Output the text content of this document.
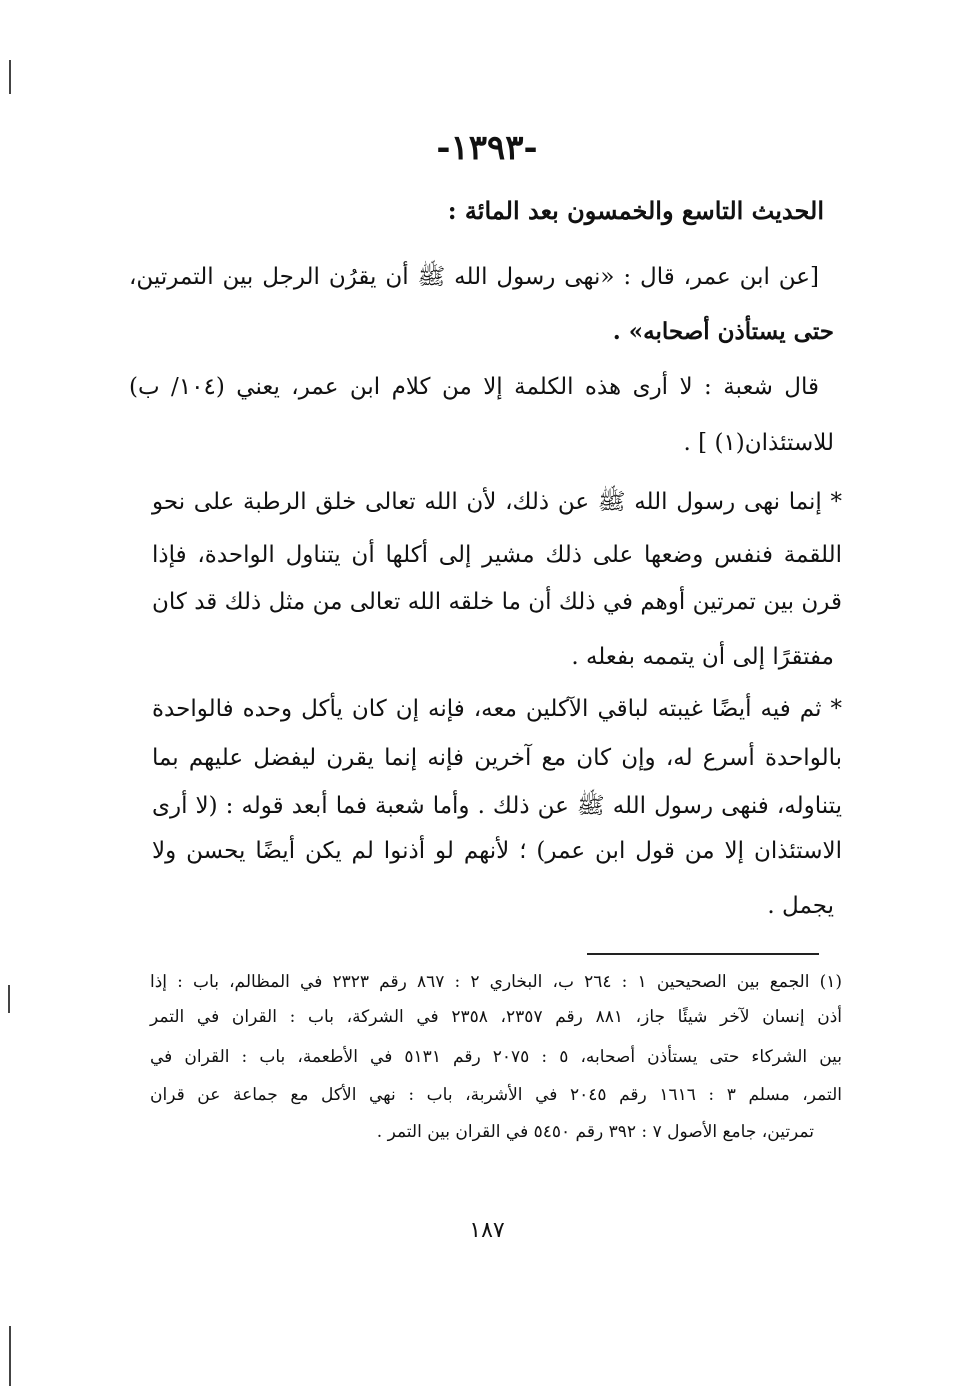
-١٣٩٣-
الحديث التاسع والخمسون بعد المائة :
[عن ابن عمر، قال : «نهى رسول الله ﷺ أن يقرُن الرجل بين التمرتين،
حتى يستأذن أصحابه» .
قال شعبة : لا أرى هذه الكلمة إلا من كلام ابن عمر، يعني (١٠٤/ ب)
للاستئذان(١) ] .
* إنما نهى رسول الله ﷺ عن ذلك، لأن الله تعالى خلق الرطبة على نحو
اللقمة فنفس وضعها على ذلك مشير إلى أكلها أن يتناول الواحدة، فإذا
قرن بين تمرتين أوهم في ذلك أن ما خلقه الله تعالى من مثل ذلك قد كان
مفتقرًا إلى أن يتممه بفعله .
* ثم فيه أيضًا غيبته لباقي الآكلين معه، فإنه إن كان يأكل وحده فالواحدة
بالواحدة أسرع له، وإن كان مع آخرين فإنه إنما يقرن ليفضل عليهم بما
يتناوله، فنهى رسول الله ﷺ عن ذلك . وأما شعبة فما أبعد قوله : (لا أرى
الاستئذان إلا من قول ابن عمر) ؛ لأنهم لو أذنوا لم يكن أيضًا يحسن ولا
يجمل .
(١) الجمع بين الصحيحين ١ : ٢٦٤ ب، البخاري ٢ : ٨٦٧ رقم ٢٣٢٣ في المظالم، باب : إذا
أذن إنسان لآخر شيئًا جاز، ٨٨١ رقم ٢٣٥٧، ٢٣٥٨ في الشركة، باب : القران في التمر
بين الشركاء حتى يستأذن أصحابه، ٥ : ٢٠٧٥ رقم ٥١٣١ في الأطعمة، باب : القران في
التمر، مسلم ٣ : ١٦١٦ رقم ٢٠٤٥ في الأشربة، باب : نهي الأكل مع جماعة عن قران
تمرتين، جامع الأصول ٧ : ٣٩٢ رقم ٥٤٥٠ في القران بين التمر .
١٨٧
